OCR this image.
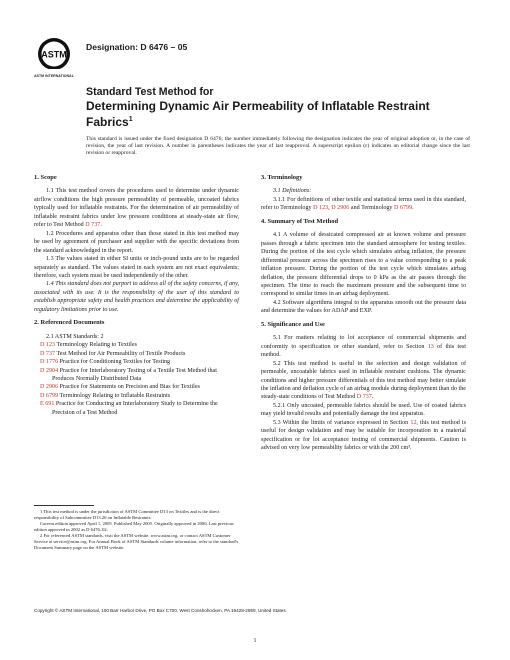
ASTM
ASTM INTERNATIONAL
Designation: D 6476 – 05
Standard Test Method for
Determining Dynamic Air Permeability of Inflatable Restraint
Fabrics$^1$
This standard is issued under the fixed designation D 6476; the number immediately following the designation indicates the year of original adoption or, in the case of revision, the year of last revision. A number in parentheses indicates the year of last reapproval. A superscript epsilon (ε) indicates an editorial change since the last revision or reapproval.
1. Scope

1.1 This test method covers the procedures used to determine under dynamic airflow conditions the high pressure permeability of permeable, uncoated fabrics typically used for inflatable restraints. For the determination of air permeability of inflatable restraint fabrics under low pressure conditions at steady-state air flow, refer to Test Method D 737.

1.2 Procedures and apparatus other than those stated in this test method may be used by agreement of purchaser and supplier with the specific deviations from the standard acknowledged in the report.

1.3 The values stated in either SI units or inch-pound units are to be regarded separately as standard. The values stated in each system are not exact equivalents; therefore, each system must be used independently of the other.

1.4 This standard does not purport to address all of the safety concerns, if any, associated with its use. It is the responsibility of the user of this standard to establish appropriate safety and health practices and determine the applicability of regulatory limitations prior to use.

2. Referenced Documents

2.1 ASTM Standards: 2

D 123 Terminology Relating to Textiles

D 737 Test Method for Air Permeability of Textile Products

D 1776 Practice for Conditioning Textiles for Testing

D 2904 Practice for Interlaboratory Testing of a Textile Test Method that Produces Normally Distributed Data

D 2906 Practice for Statements on Precision and Bias for Textiles

D 6799 Terminology Relating to Inflatable Restraints

E 691 Practice for Conducting an Interlaboratory Study to Determine the Precision of a Test Method

3. Terminology

3.1 Definitions:

3.1.1 For definitions of other textile and statistical terms used in this standard, refer to Terminology D 123, D 2906 and Terminology D 6799.

4. Summary of Test Method

4.1 A volume of dessicated compressed air at known volume and pressure passes through a fabric specimen into the standard atmosphere for testing textiles. During the portion of the test cycle which simulates airbag inflation, the pressure differential pressure across the specimen rises to a value corresponding to a peak inflation pressure. During the portion of the test cycle which simulates airbag deflation, the pressure differential drops to 0 kPa as the air passes through the specimen. The time to reach the maximum pressure and the subsequent time to correspond to similar times in an airbag deployment.

4.2 Software algorithms integral to the apparatus smooth out the pressure data and determine the values for ADAP and EXP.

5. Significance and Use

5.1 For matters relating to lot acceptance of commercial shipments and conformity to specification or other standard, refer to Section 13 of this test method.

5.2 This test method is useful in the selection and design validation of permeable, uncoatable fabrics used in inflatable restraint cushions. The dynamic conditions and higher pressure differentials of this test method may better simulate the inflation and deflation cycle of an airbag module during deployment than do the steady-state conditions of Test Method D 737.

5.2.1 Only uncoated, permeable fabrics should be used. Use of coated fabrics may yield invalid results and potentially damage the test apparatus.

5.3 Within the limits of variance expressed in Section 12, this test method is useful for design validation and may be suitable for incorporation in a material specification or for lot acceptance testing of commercial shipments. Caution is advised on very low permeability fabrics or with the 200 cm³.

1 This test method is under the jurisdiction of ASTM Committee D13 on Textiles and is the direct responsibility of Subcommittee D13.20 on Inflatable Restraints.

Current edition approved April 1, 2005. Published May 2005. Originally approved in 2000. Last previous edition approved in 2002 as D 6476–02.

2 For referenced ASTM standards, visit the ASTM website, www.astm.org, or contact ASTM Customer Service at service@astm.org. For Annual Book of ASTM Standards volume information, refer to the standard's Document Summary page on the ASTM website.

Copyright © ASTM International, 100 Barr Harbor Drive, PO Box C700, West Conshohocken, PA 19428-2959, United States.
1
